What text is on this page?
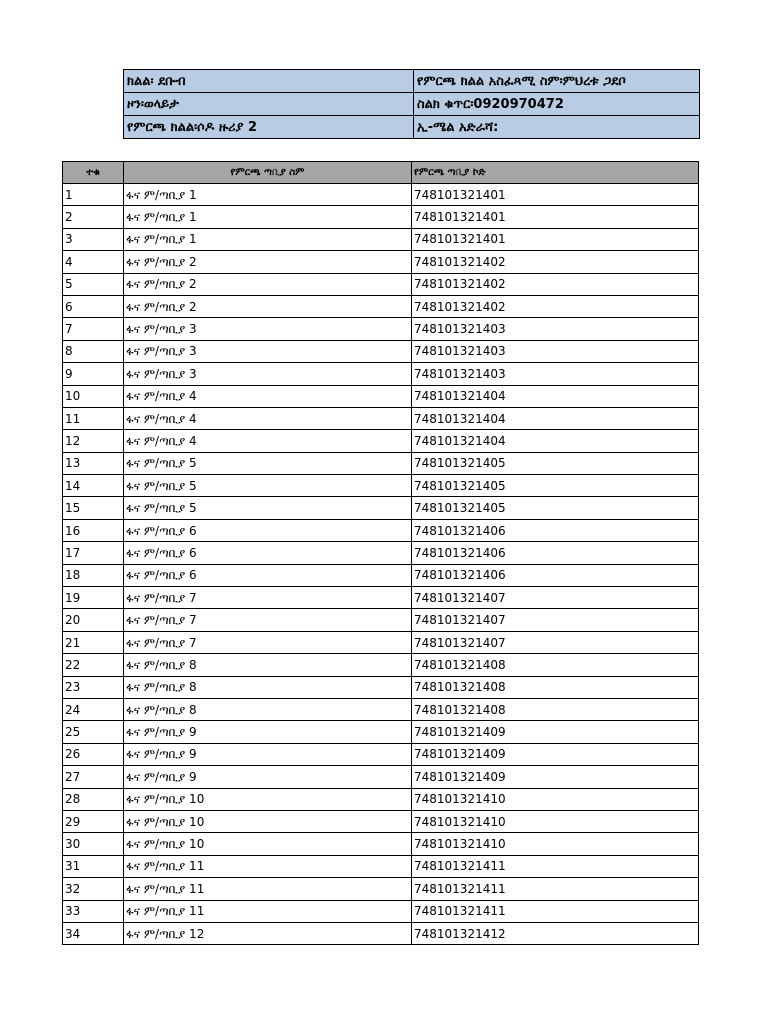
ክልል፡ ደቡብ	የምርጫ ክልል አስፈጻሚ ስም፡ምህረቱ ጋደቦ
ዞን፡ወላይታ	ስልክ ቁጥር፡0920970472
የምርጫ ክልል፡ሶዶ ዙሪያ 2	ኢ-ሜል አድራሻ:
ተቁ	የምርጫ ጣቢያ ስም	የምርጫ ጣቢያ ኮድ
1	ፋና ም/ጣቢያ 1	748101321401
2	ፋና ም/ጣቢያ 1	748101321401
3	ፋና ም/ጣቢያ 1	748101321401
4	ፋና ም/ጣቢያ 2	748101321402
5	ፋና ም/ጣቢያ 2	748101321402
6	ፋና ም/ጣቢያ 2	748101321402
7	ፋና ም/ጣቢያ 3	748101321403
8	ፋና ም/ጣቢያ 3	748101321403
9	ፋና ም/ጣቢያ 3	748101321403
10	ፋና ም/ጣቢያ 4	748101321404
11	ፋና ም/ጣቢያ 4	748101321404
12	ፋና ም/ጣቢያ 4	748101321404
13	ፋና ም/ጣቢያ 5	748101321405
14	ፋና ም/ጣቢያ 5	748101321405
15	ፋና ም/ጣቢያ 5	748101321405
16	ፋና ም/ጣቢያ 6	748101321406
17	ፋና ም/ጣቢያ 6	748101321406
18	ፋና ም/ጣቢያ 6	748101321406
19	ፋና ም/ጣቢያ 7	748101321407
20	ፋና ም/ጣቢያ 7	748101321407
21	ፋና ም/ጣቢያ 7	748101321407
22	ፋና ም/ጣቢያ 8	748101321408
23	ፋና ም/ጣቢያ 8	748101321408
24	ፋና ም/ጣቢያ 8	748101321408
25	ፋና ም/ጣቢያ 9	748101321409
26	ፋና ም/ጣቢያ 9	748101321409
27	ፋና ም/ጣቢያ 9	748101321409
28	ፋና ም/ጣቢያ 10	748101321410
29	ፋና ም/ጣቢያ 10	748101321410
30	ፋና ም/ጣቢያ 10	748101321410
31	ፋና ም/ጣቢያ 11	748101321411
32	ፋና ም/ጣቢያ 11	748101321411
33	ፋና ም/ጣቢያ 11	748101321411
34	ፋና ም/ጣቢያ 12	748101321412
